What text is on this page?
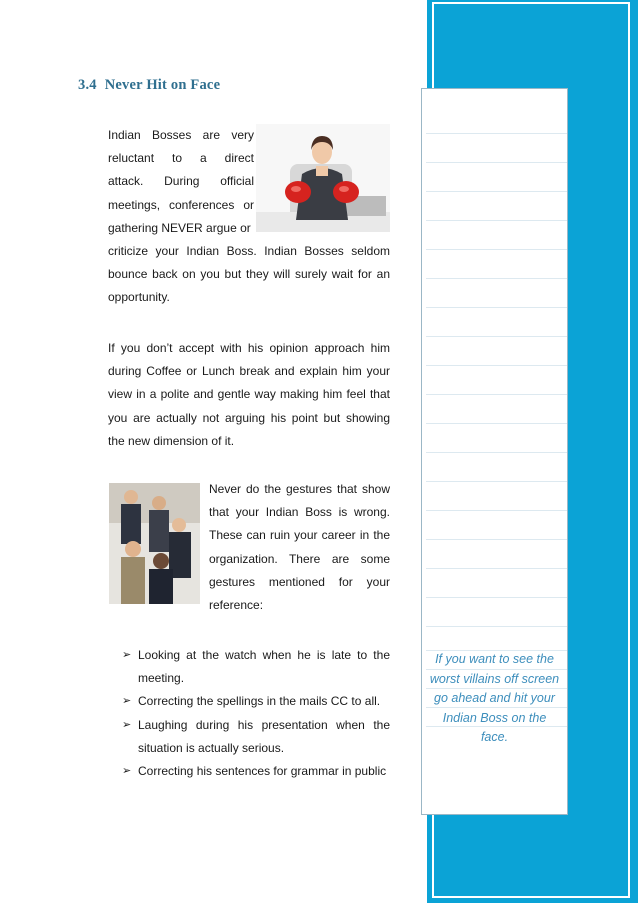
If you want to see the worst villains off screen go ahead and hit your Indian Boss on the face.
3.4 Never Hit on Face
Indian Bosses are very
reluctant to a direct
attack. During official
meetings, conferences or
gathering NEVER argue or
criticize your Indian Boss. Indian Bosses seldom
bounce back on you but they will surely wait for an
opportunity.
If you don’t accept with his opinion approach him during Coffee or Lunch break and explain him your view in a polite and gentle way making him feel that you are actually not arguing his point but showing the new dimension of it.
Never do the gestures that show that your Indian Boss is wrong. These can ruin your career in the organization. There are some gestures mentioned for your reference:
➢ Looking at the watch when he is late to the meeting.
➢ Correcting the spellings in the mails CC to all.
➢ Laughing during his presentation when the situation is actually serious.
➢ Correcting his sentences for grammar in public
